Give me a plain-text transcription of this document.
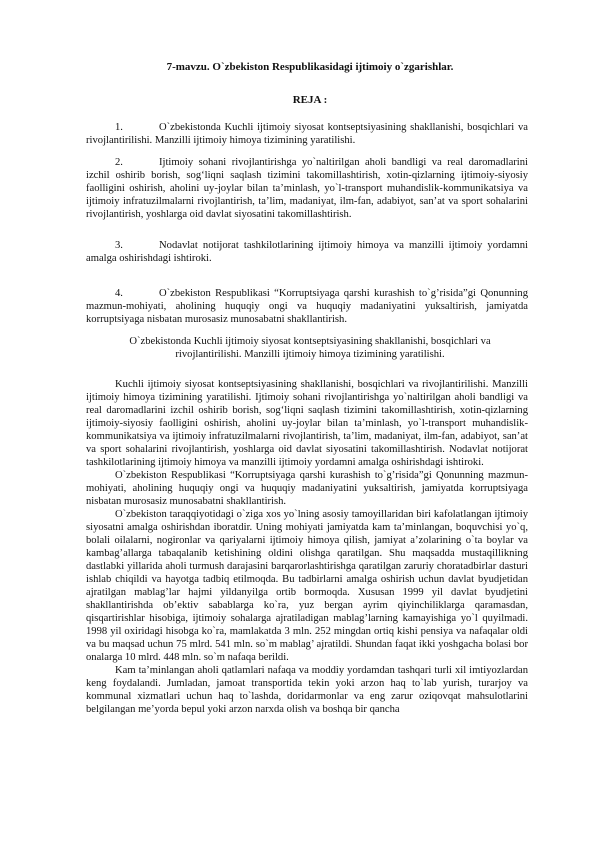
7-mavzu. O`zbekiston Respublikasidagi ijtimoiy o`zgarishlar.
REJA :
1.	O`zbekistonda Kuchli ijtimoiy siyosat kontseptsiyasining shakllanishi, bosqichlari va rivojlantirilishi. Manzilli ijtimoiy himoya tizimining yaratilishi.
2.	Ijtimoiy sohani rivojlantirishga yo`naltirilgan aholi bandligi va real daromadlarini izchil oshirib borish, sog‘liqni saqlash tizimini takomillashtirish, xotin-qizlarning ijtimoiy-siyosiy faolligini oshirish, aholini uy-joylar bilan ta’minlash, yo`l-transport muhandislik-kommunikatsiya va ijtimoiy infratuzilmalarni rivojlantirish, ta’lim, madaniyat, ilm-fan, adabiyot, san’at va sport sohalarini rivojlantirish, yoshlarga oid davlat siyosatini takomillashtirish.
3.	Nodavlat notijorat tashkilotlarining ijtimoiy himoya va manzilli ijtimoiy yordamni amalga oshirishdagi ishtiroki.
4.	O`zbekiston Respublikasi “Korruptsiyaga qarshi kurashish to`g’risida”gi Qonunning mazmun-mohiyati, aholining huquqiy ongi va huquqiy madaniyatini yuksaltirish, jamiyatda korruptsiyaga nisbatan murosasiz munosabatni shakllantirish.
O`zbekistonda Kuchli ijtimoiy siyosat kontseptsiyasining shakllanishi, bosqichlari va rivojlantirilishi. Manzilli ijtimoiy himoya tizimining yaratilishi.

Kuchli ijtimoiy siyosat kontseptsiyasining shakllanishi, bosqichlari va rivojlantirilishi. Manzilli ijtimoiy himoya tizimining yaratilishi. Ijtimoiy sohani rivojlantirishga yo`naltirilgan aholi bandligi va real daromadlarini izchil oshirib borish, sog‘liqni saqlash tizimini takomillashtirish, xotin-qizlarning ijtimoiy-siyosiy faolligini oshirish, aholini uy-joylar bilan ta’minlash, yo`l-transport muhandislik-kommunikatsiya va ijtimoiy infratuzilmalarni rivojlantirish, ta’lim, madaniyat, ilm-fan, adabiyot, san’at va sport sohalarini rivojlantirish, yoshlarga oid davlat siyosatini takomillashtirish. Nodavlat notijorat tashkilotlarining ijtimoiy himoya va manzilli ijtimoiy yordamni amalga oshirishdagi ishtiroki.

O`zbekiston Respublikasi “Korruptsiyaga qarshi kurashish to`g’risida”gi Qonunning mazmun-mohiyati, aholining huquqiy ongi va huquqiy madaniyatini yuksaltirish, jamiyatda korruptsiyaga nisbatan murosasiz munosabatni shakllantirish.

O`zbekiston taraqqiyotidagi o`ziga xos yo`lning asosiy tamoyillaridan biri kafolatlangan ijtimoiy siyosatni amalga oshirishdan iboratdir. Uning mohiyati jamiyatda kam ta’minlangan, boquvchisi yo`q, bolali oilalarni, nogironlar va qariyalarni ijtimoiy himoya qilish, jamiyat a’zolarining o`ta boylar va kambag’allarga tabaqalanib ketishining oldini olishga qaratilgan. Shu maqsadda mustaqillikning dastlabki yillarida aholi turmush darajasini barqarorlashtirishga qaratilgan zaruriy choratadbirlar dasturi ishlab chiqildi va hayotga tadbiq etilmoqda. Bu tadbirlarni amalga oshirish uchun davlat byudjetidan ajratilgan mablag’lar hajmi yildanyilga ortib bormoqda. Xususan 1999 yil davlat byudjetini shakllantirishda ob’ektiv sabablarga ko`ra, yuz bergan ayrim qiyinchiliklarga qaramasdan, qisqartirishlar hisobiga, ijtimoiy sohalarga ajratiladigan mablag’larning kamayishiga yo`l quyilmadi. 1998 yil oxiridagi hisobga ko`ra, mamlakatda 3 mln. 252 mingdan ortiq kishi pensiya va nafaqalar oldi va bu maqsad uchun 75 mlrd. 541 mln. so`m mablag’ ajratildi. Shundan faqat ikki yoshgacha bolasi bor onalarga 10 mlrd. 448 mln. so`m nafaqa berildi.

Kam ta’minlangan aholi qatlamlari nafaqa va moddiy yordamdan tashqari turli xil imtiyozlardan keng foydalandi. Jumladan, jamoat transportida tekin yoki arzon haq to`lab yurish, turarjoy va kommunal xizmatlari uchun haq to`lashda, doridarmonlar va eng zarur oziqovqat mahsulotlarini belgilangan me’yorda bepul yoki arzon narxda olish va boshqa bir qancha
